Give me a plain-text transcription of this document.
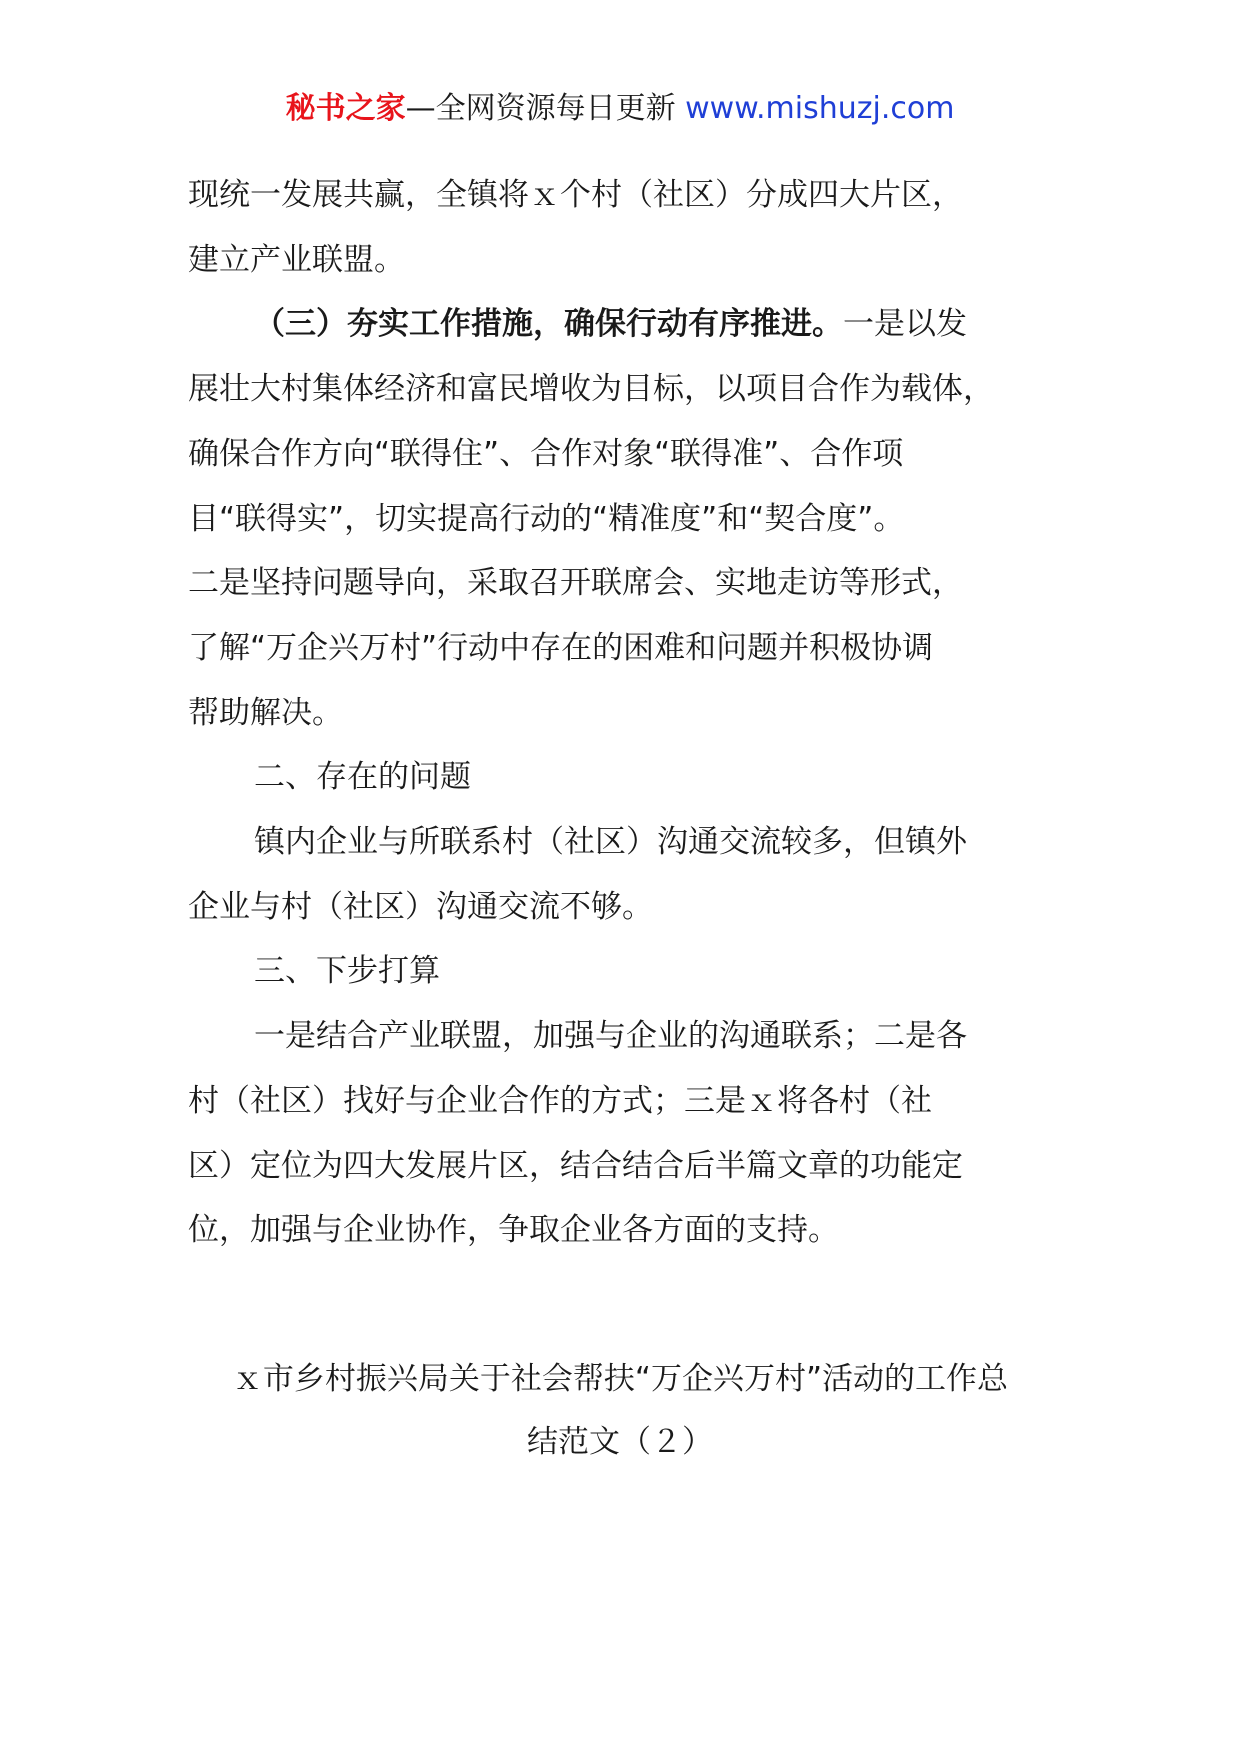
秘书之家—全网资源每日更新 www.mishuzj.com

现统一发展共赢，全镇将ｘ个村（社区）分成四大片区，

建立产业联盟。

（三）夯实工作措施，确保行动有序推进。一是以发

展壮大村集体经济和富民增收为目标，以项目合作为载体，

确保合作方向“联得住”、合作对象“联得准”、合作项

目“联得实”，切实提高行动的“精准度”和“契合度”。

二是坚持问题导向，采取召开联席会、实地走访等形式，

了解“万企兴万村”行动中存在的困难和问题并积极协调

帮助解决。

二、存在的问题

镇内企业与所联系村（社区）沟通交流较多，但镇外

企业与村（社区）沟通交流不够。

三、下步打算

一是结合产业联盟，加强与企业的沟通联系；二是各

村（社区）找好与企业合作的方式；三是ｘ将各村（社

区）定位为四大发展片区，结合结合后半篇文章的功能定

位，加强与企业协作，争取企业各方面的支持。

ｘ市乡村振兴局关于社会帮扶“万企兴万村”活动的工作总

结范文（２）
